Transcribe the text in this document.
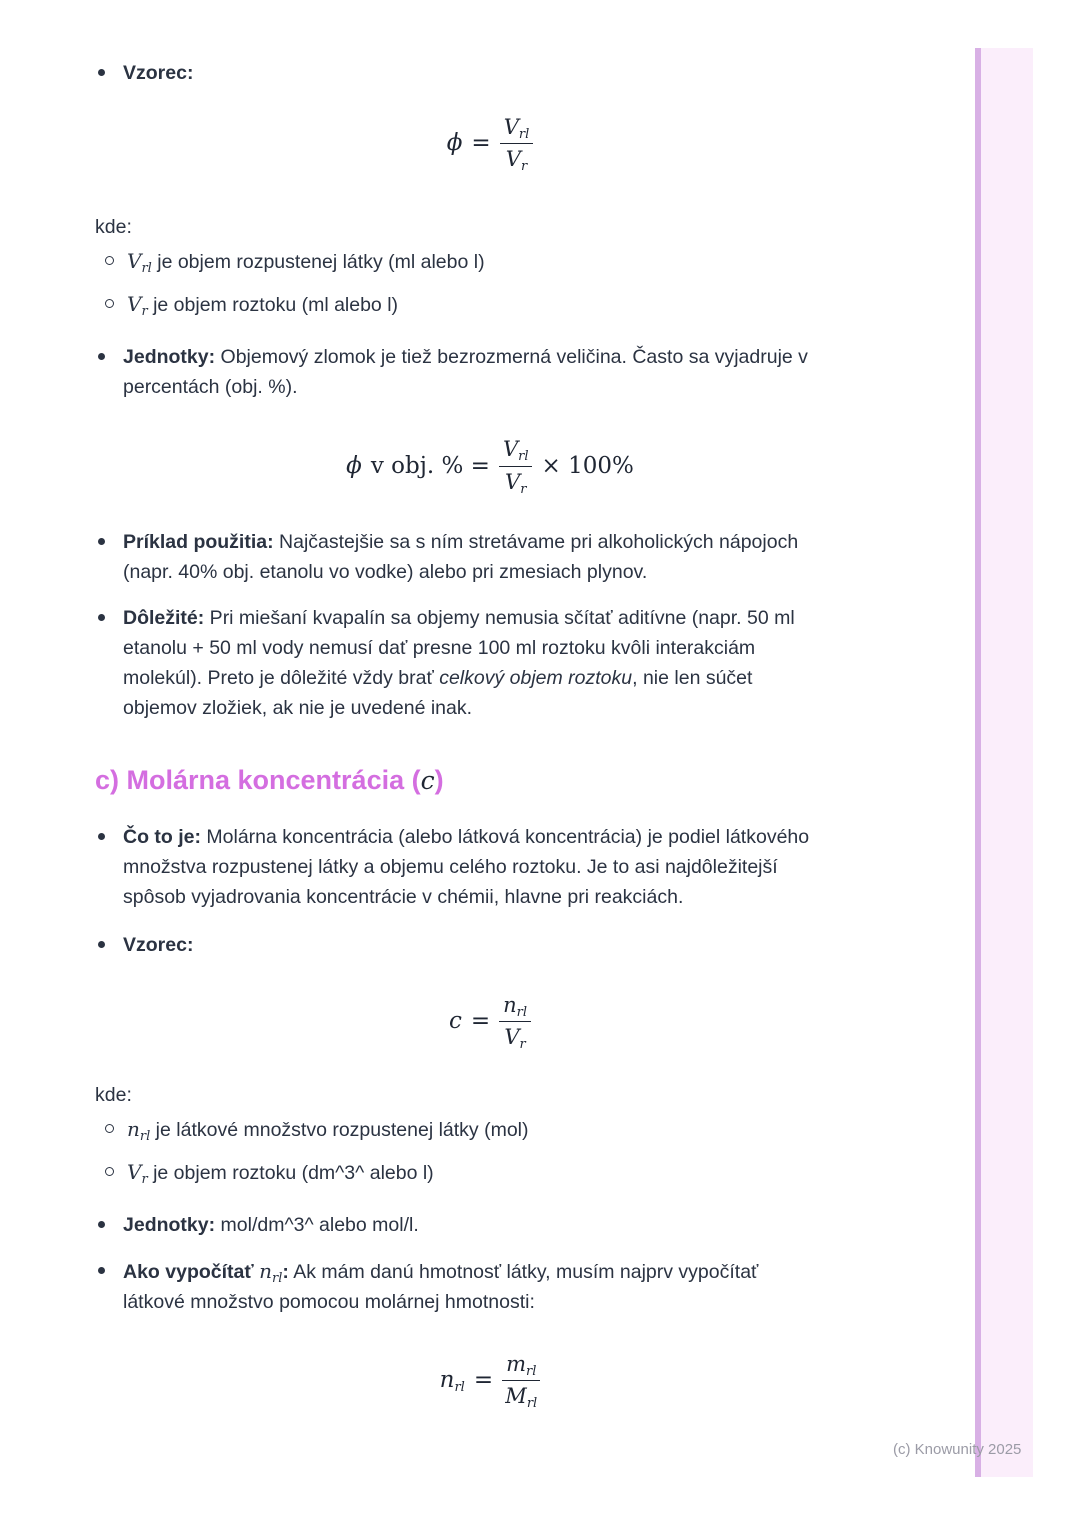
Vzorec:
$\phi = \frac{\text{Vrl}}{Vr}$
kde:
$V_{rl}$ je objem rozpustenej látky (ml alebo l)
$V_r$ je objem roztoku (ml alebo l)
Jednotky: Objemový zlomok je tiež bezrozmerná veličina. Často sa vyjadruje v percentách (obj. %).
ϕ v obj. % = $\frac{\text{Vrl}}{Vr} \times 100\%$
Príklad použitia: Najčastejšie sa s ním stretávame pri alkoholických nápojoch (napr. 40% obj. etanolu vo vodke) alebo pri zmesiach plynov.
Dôležité: Pri miešaní kvapalín sa objemy nemusia sčítať aditívne (napr. 50 ml etanolu + 50 ml vody nemusí dať presne 100 ml roztoku kvôli interakciám molekúl). Preto je dôležité vždy brať celkový objem roztoku, nie len súčet objemov zložiek, ak nie je uvedené inak.
c) Molárna koncentrácia (c)
Čo to je: Molárna koncentrácia (alebo látková koncentrácia) je podiel látkového množstva rozpustenej látky a objemu celého roztoku. Je to asi najdôležitejší spôsob vyjadrovania koncentrácie v chémii, hlavne pri reakciách.
Vzorec:
$c = \frac{\text{nrl}}{Vr}$
kde:
$n_{rl}$ je látkové množstvo rozpustenej látky (mol)
$V_r$ je objem roztoku (dm^3^ alebo l)
Jednotky: mol/dm^3^ alebo mol/l.
Ako vypočítať $n_{rl}$: Ak mám danú hmotnosť látky, musím najprv vypočítať látkové množstvo pomocou molárnej hmotnosti:
nrl = $\frac{\text{mrl}}{\text{Mrl}}$
(c) Knowunity 2025
